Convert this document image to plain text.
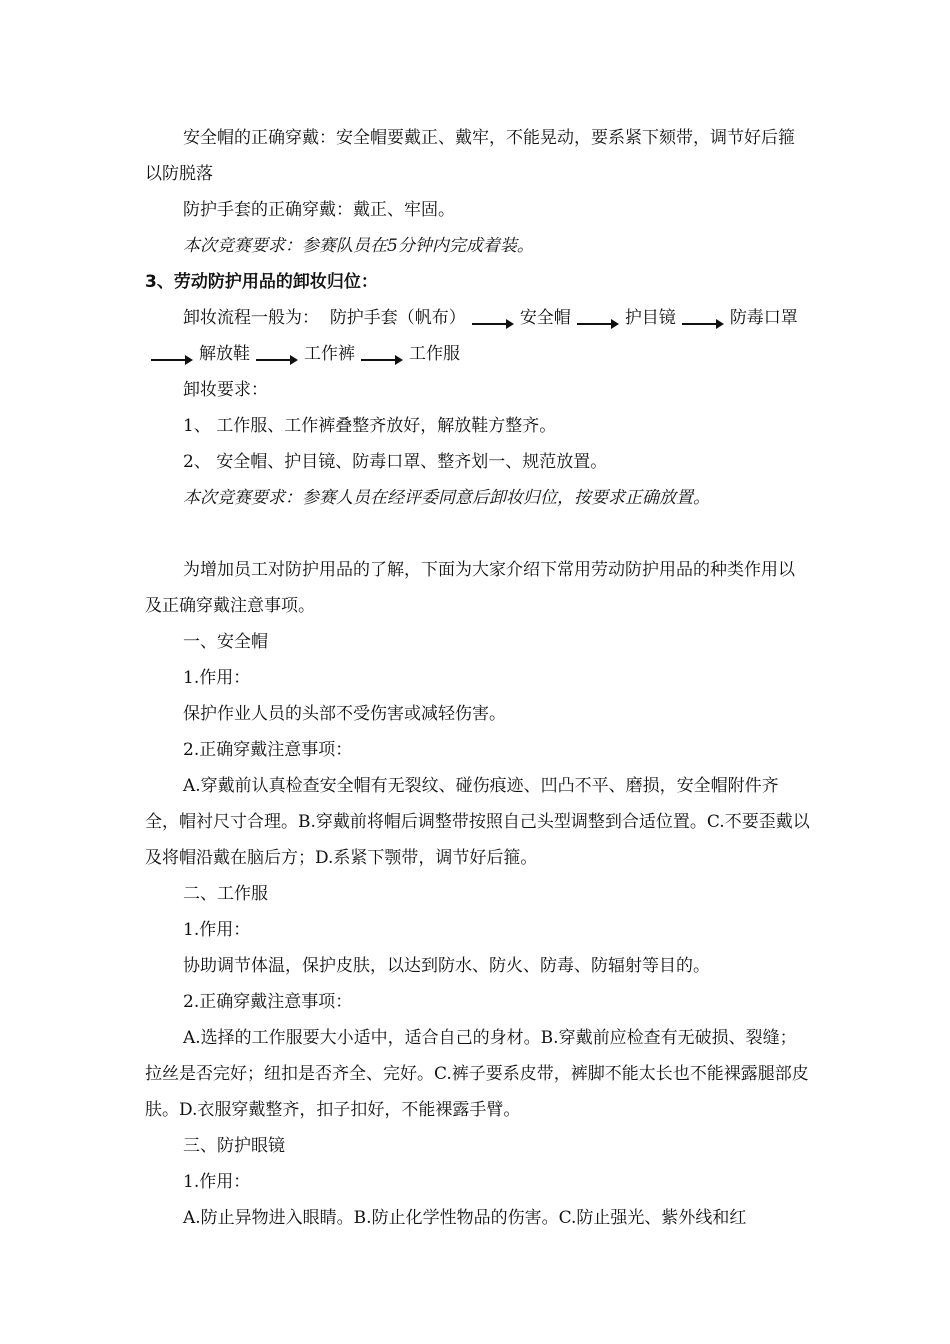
安全帽的正确穿戴：安全帽要戴正、戴牢，不能晃动，要系紧下颏带，调节好后箍以防脱落

防护手套的正确穿戴：戴正、牢固。

本次竞赛要求：参赛队员在5分钟内完成着装。

3、劳动防护用品的卸妆归位：

卸妆流程一般为： 防护手套（帆布）	安全帽	护目镜	防毒口罩解放鞋	工作裤	工作服

卸妆要求：

1、 工作服、工作裤叠整齐放好，解放鞋方整齐。

2、 安全帽、护目镜、防毒口罩、整齐划一、规范放置。

本次竞赛要求：参赛人员在经评委同意后卸妆归位，按要求正确放置。

为增加员工对防护用品的了解，下面为大家介绍下常用劳动防护用品的种类作用以及正确穿戴注意事项。

一、安全帽

1.作用：

保护作业人员的头部不受伤害或减轻伤害。

2.正确穿戴注意事项：

A.穿戴前认真检查安全帽有无裂纹、碰伤痕迹、凹凸不平、磨损，安全帽附件齐全，帽衬尺寸合理。B.穿戴前将帽后调整带按照自己头型调整到合适位置。C.不要歪戴以及将帽沿戴在脑后方；D.系紧下颚带，调节好后箍。

二、工作服

1.作用：

协助调节体温，保护皮肤，以达到防水、防火、防毒、防辐射等目的。

2.正确穿戴注意事项：

A.选择的工作服要大小适中，适合自己的身材。B.穿戴前应检查有无破损、裂缝；拉丝是否完好；纽扣是否齐全、完好。C.裤子要系皮带，裤脚不能太长也不能裸露腿部皮肤。D.衣服穿戴整齐，扣子扣好，不能裸露手臂。

三、防护眼镜

1.作用：

A.防止异物进入眼睛。B.防止化学性物品的伤害。C.防止强光、紫外线和红
